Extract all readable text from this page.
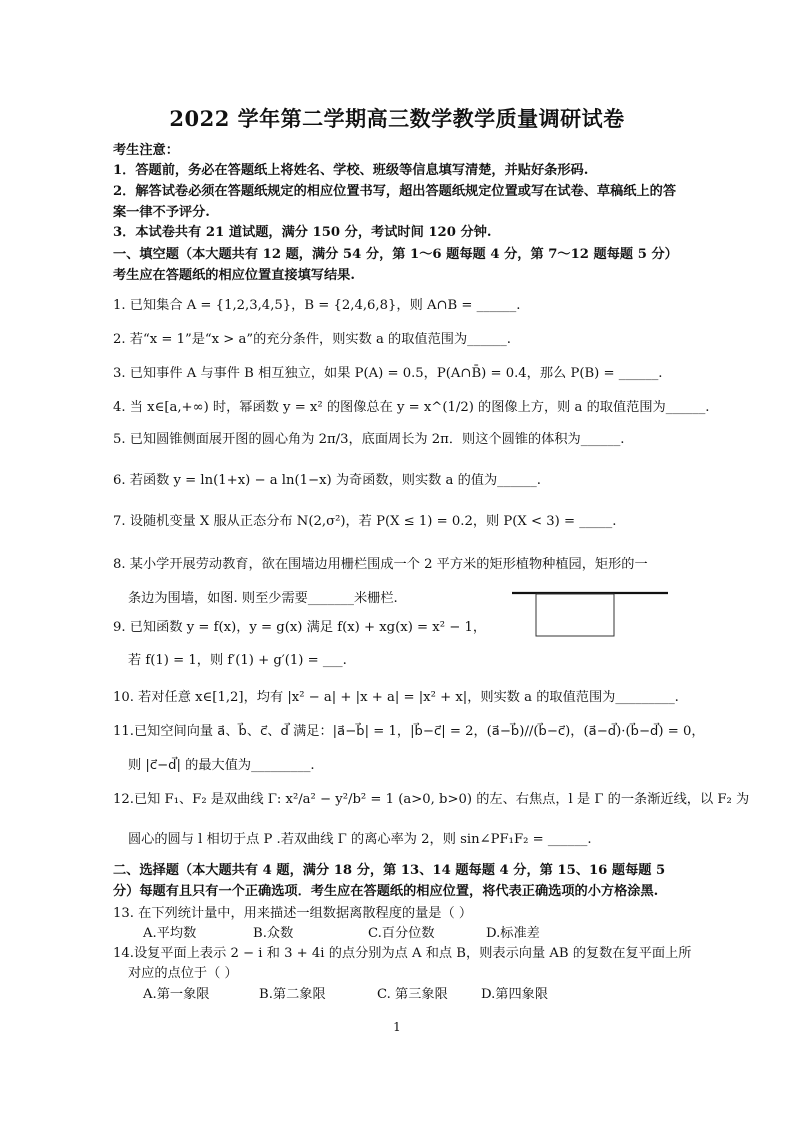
2022 学年第二学期高三数学教学质量调研试卷
考生注意：
1．答题前，务必在答题纸上将姓名、学校、班级等信息填写清楚，并贴好条形码.
2．解答试卷必须在答题纸规定的相应位置书写，超出答题纸规定位置或写在试卷、草稿纸上的答案一律不予评分.
3．本试卷共有 21 道试题，满分 150 分，考试时间 120 分钟.
一、填空题（本大题共有 12 题，满分 54 分，第 1～6 题每题 4 分，第 7～12 题每题 5 分）考生应在答题纸的相应位置直接填写结果.
1. 已知集合 A = {1,2,3,4,5}，B = {2,4,6,8}，则 A∩B = ______.
2. 若“x = 1”是“x > a”的充分条件，则实数 a 的取值范围为______.
3. 已知事件 A 与事件 B 相互独立，如果 P(A) = 0.5，P(A∩B̄) = 0.4，那么 P(B) = ______.
4. 当 x∈[a,+∞) 时，幂函数 y = x² 的图像总在 y = x^(1/2) 的图像上方，则 a 的取值范围为______.
5. 已知圆锥侧面展开图的圆心角为 2π/3，底面周长为 2π．则这个圆锥的体积为______.
6. 若函数 y = ln(1+x) − a ln(1−x) 为奇函数，则实数 a 的值为______.
7. 设随机变量 X 服从正态分布 N(2,σ²)，若 P(X ≤ 1) = 0.2，则 P(X < 3) = _____.
8. 某小学开展劳动教育，欲在围墙边用栅栏围成一个 2 平方米的矩形植物种植园，矩形的一
条边为围墙，如图. 则至少需要_______米栅栏.
9. 已知函数 y = f(x)，y = g(x) 满足 f(x) + xg(x) = x² − 1，
若 f(1) = 1，则 f′(1) + g′(1) = ___.
10. 若对任意 x∈[1,2]，均有 |x² − a| + |x + a| = |x² + x|，则实数 a 的取值范围为_________.
11.已知空间向量 a⃗、b⃗、c⃗、d⃗ 满足：|a⃗−b⃗| = 1，|b⃗−c⃗| = 2，(a⃗−b⃗)//(b⃗−c⃗)，(a⃗−d⃗)·(b⃗−d⃗) = 0，
则 |c⃗−d⃗| 的最大值为_________.
12.已知 F₁、F₂ 是双曲线 Γ: x²/a² − y²/b² = 1 (a>0, b>0) 的左、右焦点，l 是 Γ 的一条渐近线，以 F₂ 为
圆心的圆与 l 相切于点 P .若双曲线 Γ 的离心率为 2，则 sin∠PF₁F₂ = ______.
二、选择题（本大题共有 4 题，满分 18 分，第 13、14 题每题 4 分，第 15、16 题每题 5 分）每题有且只有一个正确选项．考生应在答题纸的相应位置，将代表正确选项的小方格涂黑.
13. 在下列统计量中，用来描述一组数据离散程度的量是（ ）
A.平均数	B.众数	C.百分位数	D.标准差
14.设复平面上表示 2 − i 和 3 + 4i 的点分别为点 A 和点 B，则表示向量 AB 的复数在复平面上所
对应的点位于（ ）
A.第一象限	B.第二象限	C. 第三象限	D.第四象限
1
